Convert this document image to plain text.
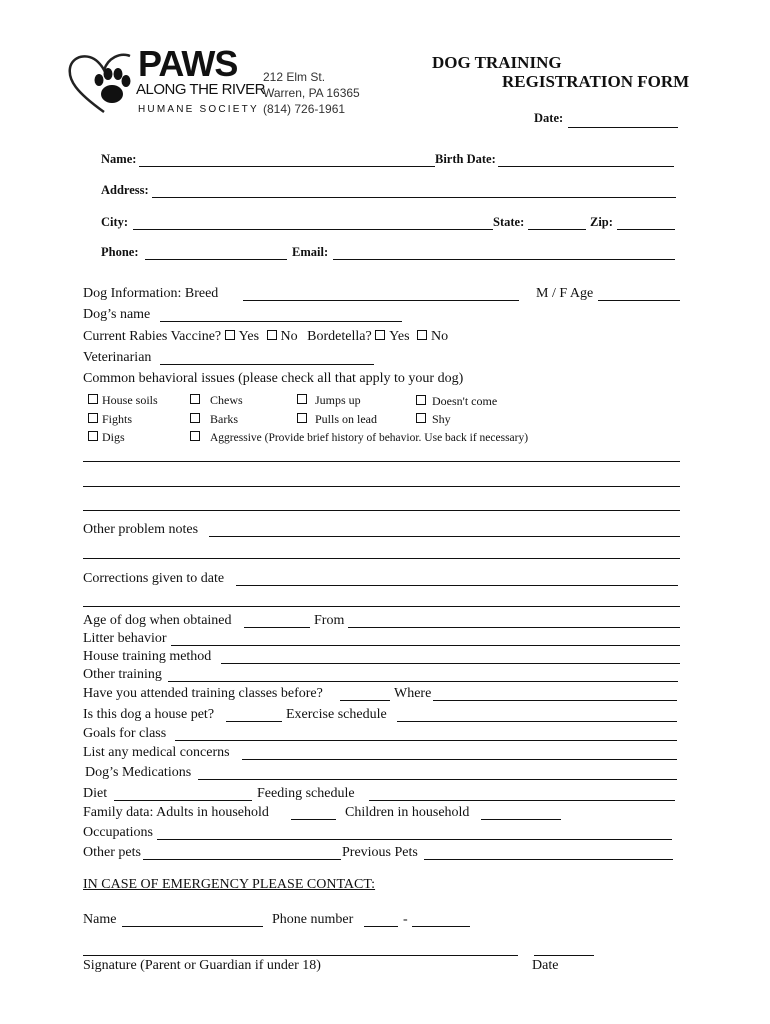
PAWS
ALONG THE RIVER
HUMANE SOCIETY
212 Elm St.
Warren, PA 16365
(814) 726-1961
DOG TRAINING
REGISTRATION FORM
Date:
Name:	Birth Date:
Address:
City:	State:	Zip:
Phone:	Email:
Dog Information: Breed	M / F Age
Dog’s name
Current Rabies Vaccine? Yes No Bordetella? Yes No
Veterinarian
Common behavioral issues (please check all that apply to your dog)
House soils	Chews	Jumps up	Doesn't come
Fights	Barks	Pulls on lead	Shy
Digs	Aggressive (Provide brief history of behavior. Use back if necessary)
Other problem notes
Corrections given to date
Age of dog when obtained	From
Litter behavior
House training method
Other training
Have you attended training classes before?	Where
Is this dog a house pet?	Exercise schedule
Goals for class
List any medical concerns
Dog’s Medications
Diet	Feeding schedule
Family data: Adults in household	Children in household
Occupations
Other pets	Previous Pets
IN CASE OF EMERGENCY PLEASE CONTACT:
Name	Phone number	-
Signature (Parent or Guardian if under 18)	Date
